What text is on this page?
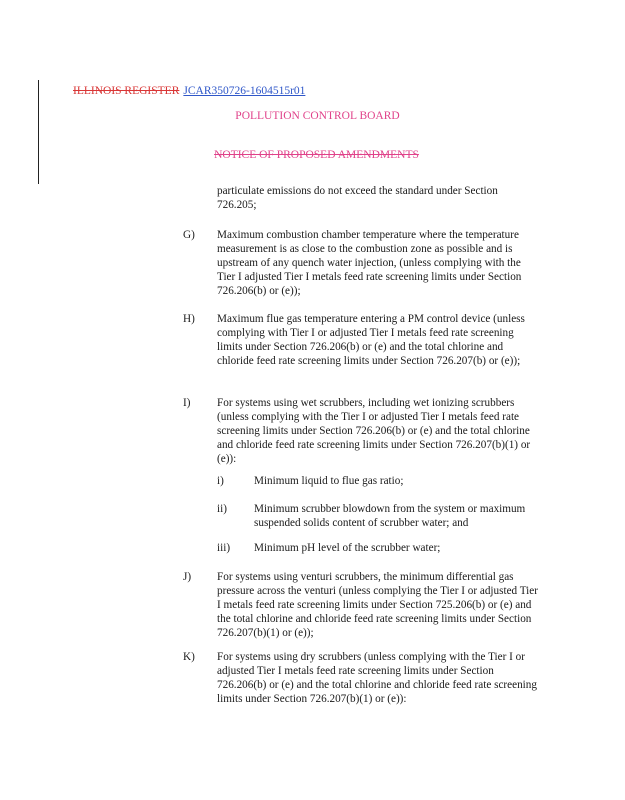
ILLINOIS REGISTER JCAR350726-1604515r01
POLLUTION CONTROL BOARD
NOTICE OF PROPOSED AMENDMENTS
particulate emissions do not exceed the standard under Section 726.205;
G)	Maximum combustion chamber temperature where the temperature measurement is as close to the combustion zone as possible and is upstream of any quench water injection, (unless complying with the Tier I adjusted Tier I metals feed rate screening limits under Section 726.206(b) or (e));
H)	Maximum flue gas temperature entering a PM control device (unless complying with Tier I or adjusted Tier I metals feed rate screening limits under Section 726.206(b) or (e) and the total chlorine and chloride feed rate screening limits under Section 726.207(b) or (e));
I)	For systems using wet scrubbers, including wet ionizing scrubbers (unless complying with the Tier I or adjusted Tier I metals feed rate screening limits under Section 726.206(b) or (e) and the total chlorine and chloride feed rate screening limits under Section 726.207(b)(1) or (e)):
i)	Minimum liquid to flue gas ratio;
ii)	Minimum scrubber blowdown from the system or maximum suspended solids content of scrubber water; and
iii)	Minimum pH level of the scrubber water;
J)	For systems using venturi scrubbers, the minimum differential gas pressure across the venturi (unless complying the Tier I or adjusted Tier I metals feed rate screening limits under Section 725.206(b) or (e) and the total chlorine and chloride feed rate screening limits under Section 726.207(b)(1) or (e));
K)	For systems using dry scrubbers (unless complying with the Tier I or adjusted Tier I metals feed rate screening limits under Section 726.206(b) or (e) and the total chlorine and chloride feed rate screening limits under Section 726.207(b)(1) or (e)):
